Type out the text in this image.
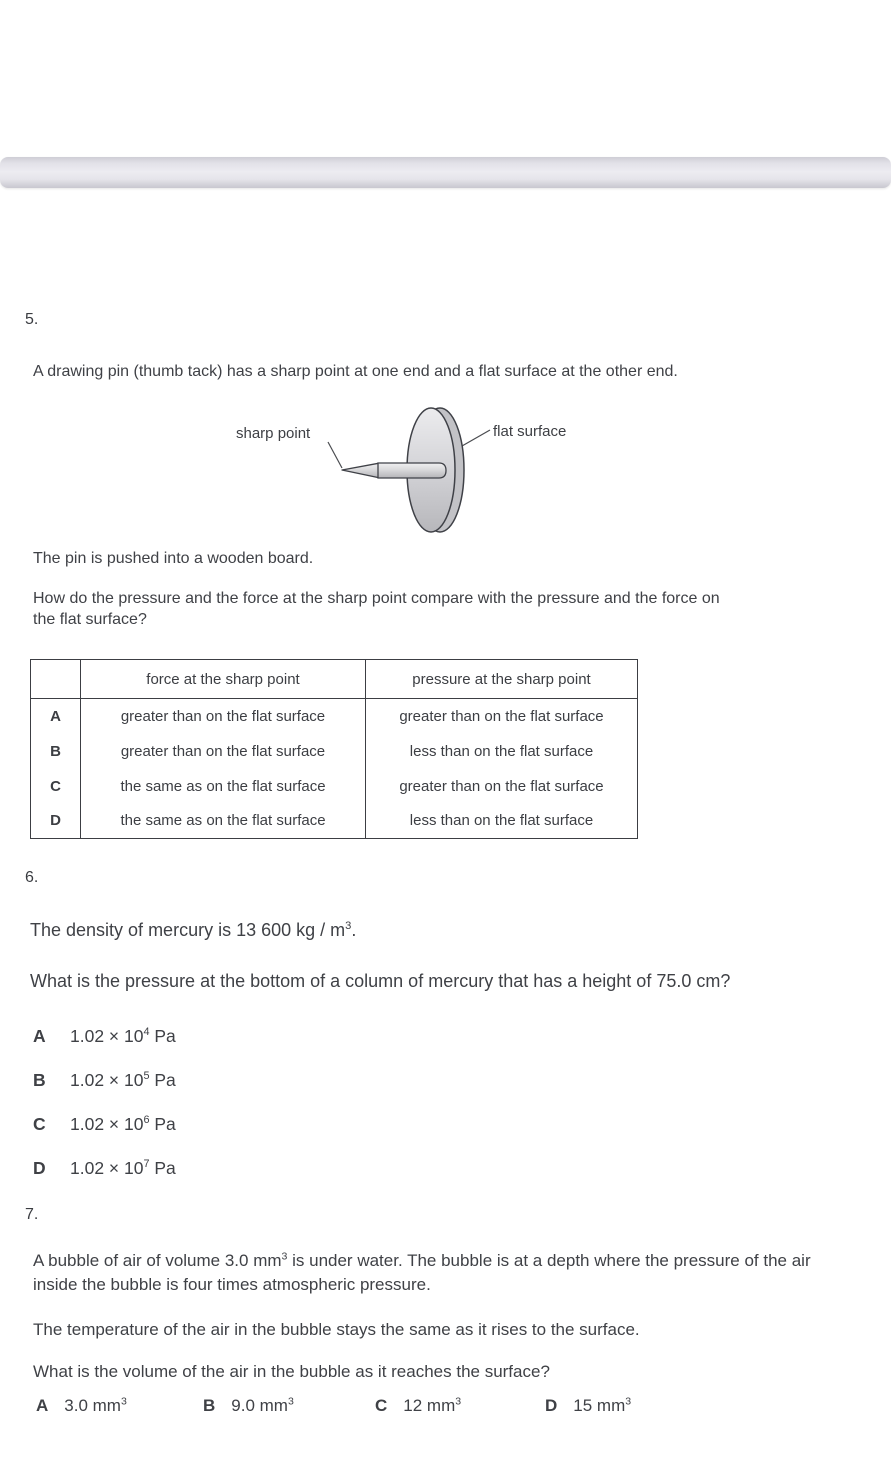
5.
A drawing pin (thumb tack) has a sharp point at one end and a flat surface at the other end.
sharp point	flat surface
The pin is pushed into a wooden board.
How do the pressure and the force at the sharp point compare with the pressure and the force on
the flat surface?
	force at the sharp point	pressure at the sharp point
A	greater than on the flat surface	greater than on the flat surface
B	greater than on the flat surface	less than on the flat surface
C	the same as on the flat surface	greater than on the flat surface
D	the same as on the flat surface	less than on the flat surface
6.
The density of mercury is 13 600 kg / $m^3$.
What is the pressure at the bottom of a column of mercury that has a height of 75.0 cm?
A	$1.02 \times 10^4$ Pa
B	$1.02 \times 10^5$ Pa
C	$1.02 \times 10^6$ Pa
D	$1.02 \times 10^7$ Pa
7.
A bubble of air of volume 3.0 $mm^3$ is under water. The bubble is at a depth where the pressure of the air inside the bubble is four times atmospheric pressure.
The temperature of the air in the bubble stays the same as it rises to the surface.
What is the volume of the air in the bubble as it reaches the surface?
A 3.0 $mm^3$	B 9.0 $mm^3$	C 12 $mm^3$	D 15 $mm^3$
